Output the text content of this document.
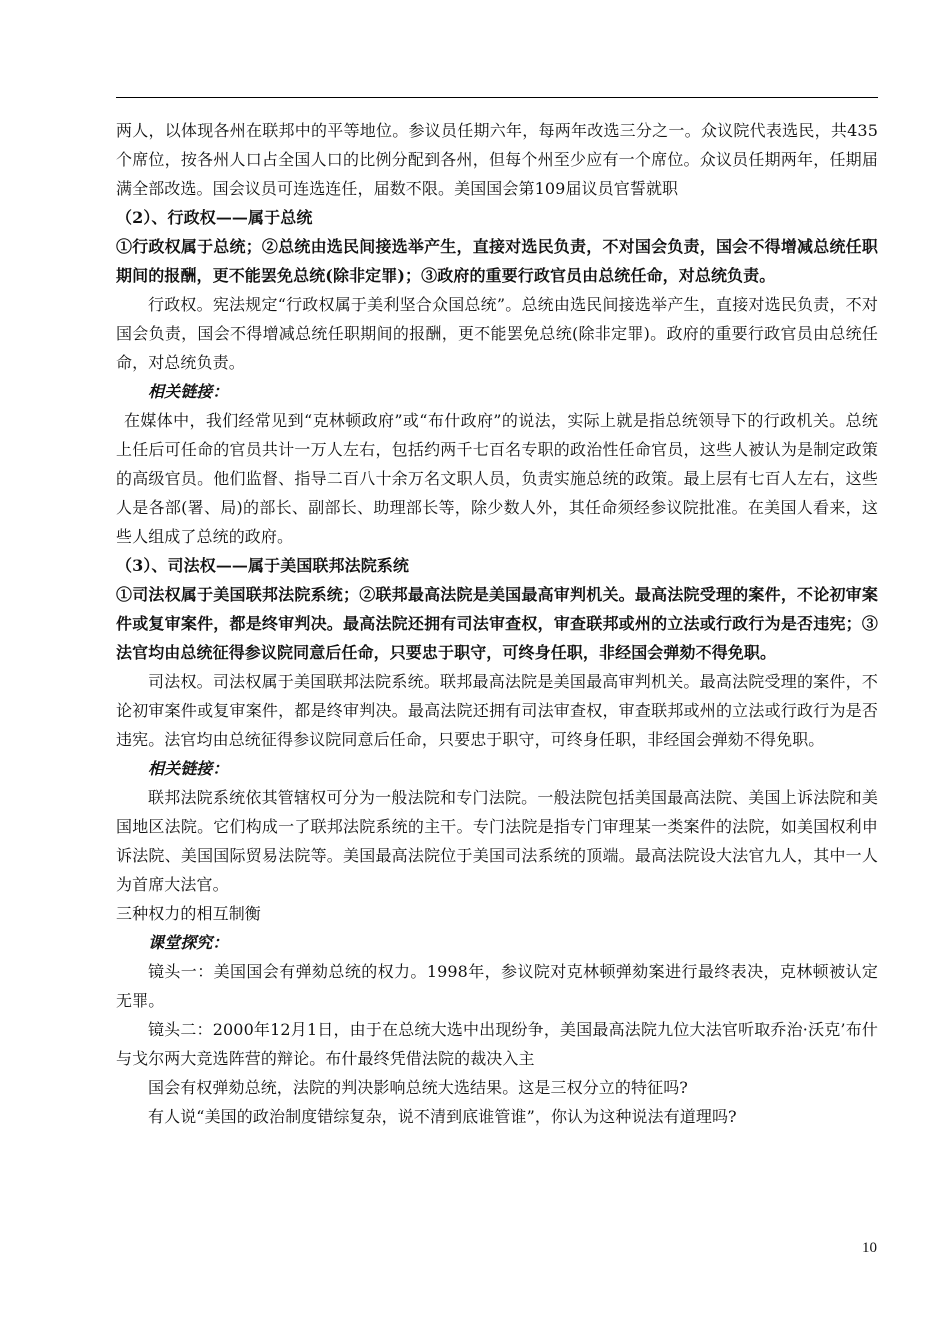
两人，以体现各州在联邦中的平等地位。参议员任期六年，每两年改选三分之一。众议院代表选民，共435个席位，按各州人口占全国人口的比例分配到各州，但每个州至少应有一个席位。众议员任期两年，任期届满全部改选。国会议员可连选连任，届数不限。美国国会第109届议员官誓就职

（2）、行政权——属于总统

①行政权属于总统；②总统由选民间接选举产生，直接对选民负责，不对国会负责，国会不得增减总统任职期间的报酬，更不能罢免总统(除非定罪)；③政府的重要行政官员由总统任命，对总统负责。

行政权。宪法规定“行政权属于美利坚合众国总统”。总统由选民间接选举产生，直接对选民负责，不对国会负责，国会不得增减总统任职期间的报酬，更不能罢免总统(除非定罪)。政府的重要行政官员由总统任命，对总统负责。

相关链接：

在媒体中，我们经常见到“克林顿政府”或“布什政府”的说法，实际上就是指总统领导下的行政机关。总统上任后可任命的官员共计一万人左右，包括约两千七百名专职的政治性任命官员，这些人被认为是制定政策的高级官员。他们监督、指导二百八十余万名文职人员，负责实施总统的政策。最上层有七百人左右，这些人是各部(署、局)的部长、副部长、助理部长等，除少数人外，其任命须经参议院批准。在美国人看来，这些人组成了总统的政府。

（3）、司法权——属于美国联邦法院系统

①司法权属于美国联邦法院系统；②联邦最高法院是美国最高审判机关。最高法院受理的案件，不论初审案件或复审案件，都是终审判决。最高法院还拥有司法审查权，审查联邦或州的立法或行政行为是否违宪；③法官均由总统征得参议院同意后任命，只要忠于职守，可终身任职，非经国会弹劾不得免职。

司法权。司法权属于美国联邦法院系统。联邦最高法院是美国最高审判机关。最高法院受理的案件，不论初审案件或复审案件，都是终审判决。最高法院还拥有司法审查权，审查联邦或州的立法或行政行为是否违宪。法官均由总统征得参议院同意后任命，只要忠于职守，可终身任职，非经国会弹劾不得免职。

相关链接：

联邦法院系统依其管辖权可分为一般法院和专门法院。一般法院包括美国最高法院、美国上诉法院和美国地区法院。它们构成一了联邦法院系统的主干。专门法院是指专门审理某一类案件的法院，如美国权利申诉法院、美国国际贸易法院等。美国最高法院位于美国司法系统的顶端。最高法院设大法官九人，其中一人为首席大法官。

三种权力的相互制衡

课堂探究：

镜头一：美国国会有弹劾总统的权力。1998年，参议院对克林顿弹劾案进行最终表决，克林顿被认定无罪。

镜头二：2000年12月1日，由于在总统大选中出现纷争，美国最高法院九位大法官听取乔治·沃克’布什与戈尔两大竞选阵营的辩论。布什最终凭借法院的裁决入主

国会有权弹劾总统，法院的判决影响总统大选结果。这是三权分立的特征吗?

有人说“美国的政治制度错综复杂，说不清到底谁管谁”，你认为这种说法有道理吗?

10
